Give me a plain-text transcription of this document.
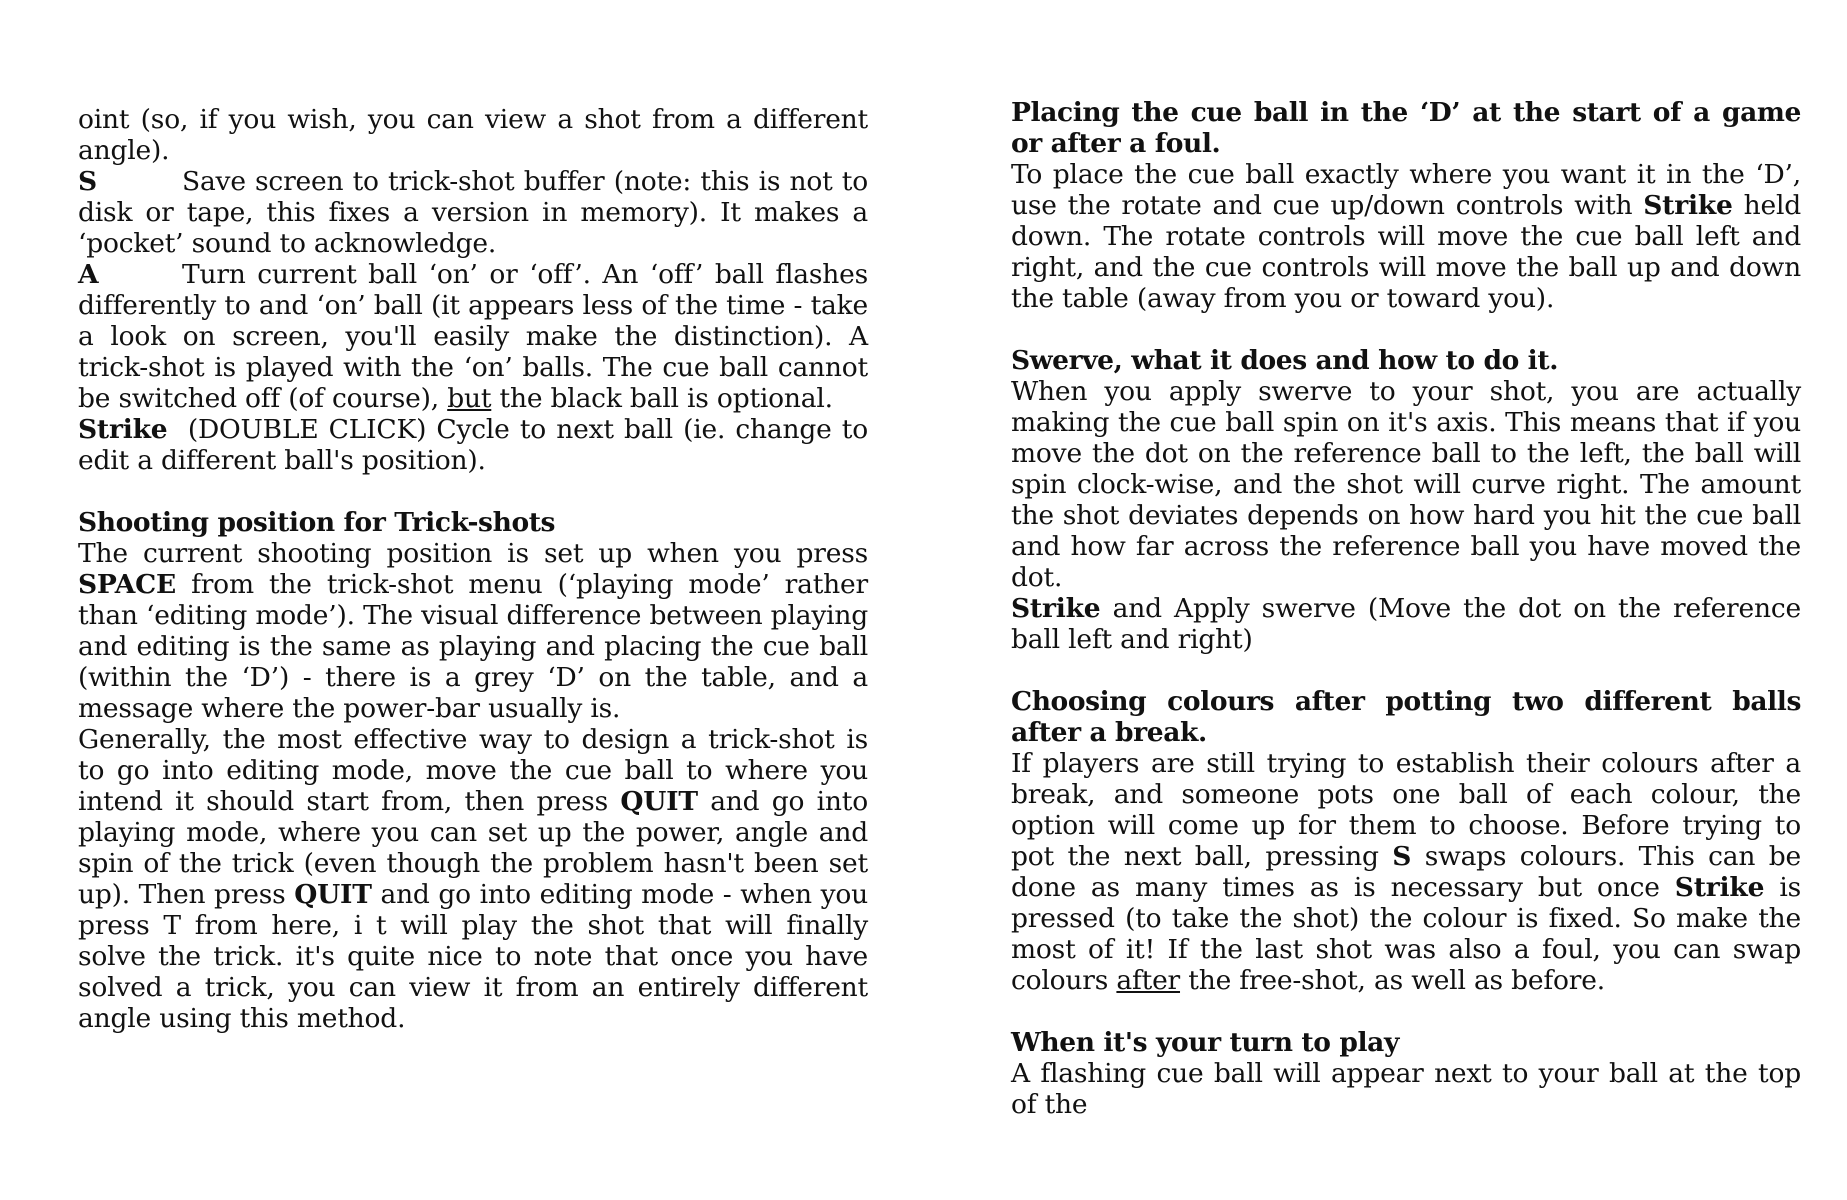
oint (so, if you wish, you can view a shot from a different angle).

S	Save screen to trick-shot buffer (note: this is not to disk or tape, this fixes a version in memory). It makes a ‘pocket’ sound to acknowledge.

A	Turn current ball ‘on’ or ‘off’. An ‘off’ ball flashes differently to and ‘on’ ball (it appears less of the time - take a look on screen, you'll easily make the distinction). A trick-shot is played with the ‘on’ balls. The cue ball cannot be switched off (of course), but the black ball is optional.

Strike (DOUBLE CLICK) Cycle to next ball (ie. change to edit a different ball's position).

Shooting position for Trick-shots

The current shooting position is set up when you press SPACE from the trick-shot menu (‘playing mode’ rather than ‘editing mode’). The visual difference between playing and editing is the same as playing and placing the cue ball (within the ‘D’) - there is a grey ‘D’ on the table, and a message where the power-bar usually is.

Generally, the most effective way to design a trick-shot is to go into editing mode, move the cue ball to where you intend it should start from, then press QUIT and go into playing mode, where you can set up the power, angle and spin of the trick (even though the problem hasn't been set up). Then press QUIT and go into editing mode - when you press T from here, i t will play the shot that will finally solve the trick. it's quite nice to note that once you have solved a trick, you can view it from an entirely different angle using this method.

Placing the cue ball in the ‘D’ at the start of a game or after a foul.

To place the cue ball exactly where you want it in the ‘D’, use the rotate and cue up/down controls with Strike held down. The rotate controls will move the cue ball left and right, and the cue controls will move the ball up and down the table (away from you or toward you).

Swerve, what it does and how to do it.

When you apply swerve to your shot, you are actually making the cue ball spin on it's axis. This means that if you move the dot on the reference ball to the left, the ball will spin clock-wise, and the shot will curve right. The amount the shot deviates depends on how hard you hit the cue ball and how far across the reference ball you have moved the dot.

Strike and Apply swerve (Move the dot on the reference ball left and right)

Choosing colours after potting two different balls after a break.

If players are still trying to establish their colours after a break, and someone pots one ball of each colour, the option will come up for them to choose. Before trying to pot the next ball, pressing S swaps colours. This can be done as many times as is necessary but once Strike is pressed (to take the shot) the colour is fixed. So make the most of it! If the last shot was also a foul, you can swap colours after the free-shot, as well as before.

When it's your turn to play

A flashing cue ball will appear next to your ball at the top of the
